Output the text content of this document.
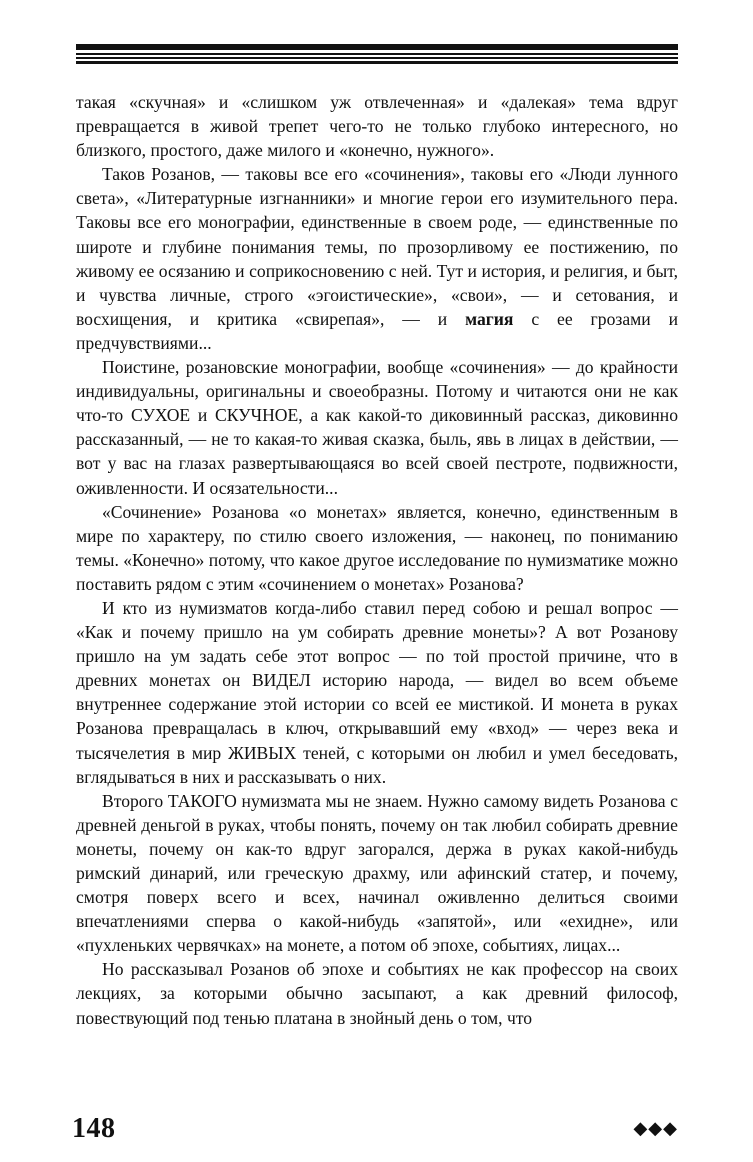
такая «скучная» и «слишком уж отвлеченная» и «далекая» тема вдруг превращается в живой трепет чего-то не только глубоко интересного, но близкого, простого, даже милого и «конечно, нужного».

Таков Розанов, — таковы все его «сочинения», таковы его «Люди лунного света», «Литературные изгнанники» и многие герои его изумительного пера. Таковы все его монографии, единственные в своем роде, — единственные по широте и глубине понимания темы, по прозорливому ее постижению, по живому ее осязанию и соприкосновению с ней. Тут и история, и религия, и быт, и чувства личные, строго «эгоистические», «свои», — и сетования, и восхищения, и критика «свирепая», — и магия с ее грозами и предчувствиями...

Поистине, розановские монографии, вообще «сочинения» — до крайности индивидуальны, оригинальны и своеобразны. Потому и читаются они не как что-то СУХОЕ и СКУЧНОЕ, а как какой-то диковинный рассказ, диковинно рассказанный, — не то какая-то живая сказка, быль, явь в лицах в действии, — вот у вас на глазах развертывающаяся во всей своей пестроте, подвижности, оживленности. И осязательности...

«Сочинение» Розанова «о монетах» является, конечно, единственным в мире по характеру, по стилю своего изложения, — наконец, по пониманию темы. «Конечно» потому, что какое другое исследование по нумизматике можно поставить рядом с этим «сочинением о монетах» Розанова?

И кто из нумизматов когда-либо ставил перед собою и решал вопрос — «Как и почему пришло на ум собирать древние монеты»? А вот Розанову пришло на ум задать себе этот вопрос — по той простой причине, что в древних монетах он ВИДЕЛ историю народа, — видел во всем объеме внутреннее содержание этой истории со всей ее мистикой. И монета в руках Розанова превращалась в ключ, открывавший ему «вход» — через века и тысячелетия в мир ЖИВЫХ теней, с которыми он любил и умел беседовать, вглядываться в них и рассказывать о них.

Второго ТАКОГО нумизмата мы не знаем. Нужно самому видеть Розанова с древней деньгой в руках, чтобы понять, почему он так любил собирать древние монеты, почему он как-то вдруг загорался, держа в руках какой-нибудь римский динарий, или греческую драхму, или афинский статер, и почему, смотря поверх всего и всех, начинал оживленно делиться своими впечатлениями сперва о какой-нибудь «запятой», или «ехидне», или «пухленьких червячках» на монете, а потом об эпохе, событиях, лицах...

Но рассказывал Розанов об эпохе и событиях не как профессор на своих лекциях, за которыми обычно засыпают, а как древний философ, повествующий под тенью платана в знойный день о том, что

148	◆◆◆
